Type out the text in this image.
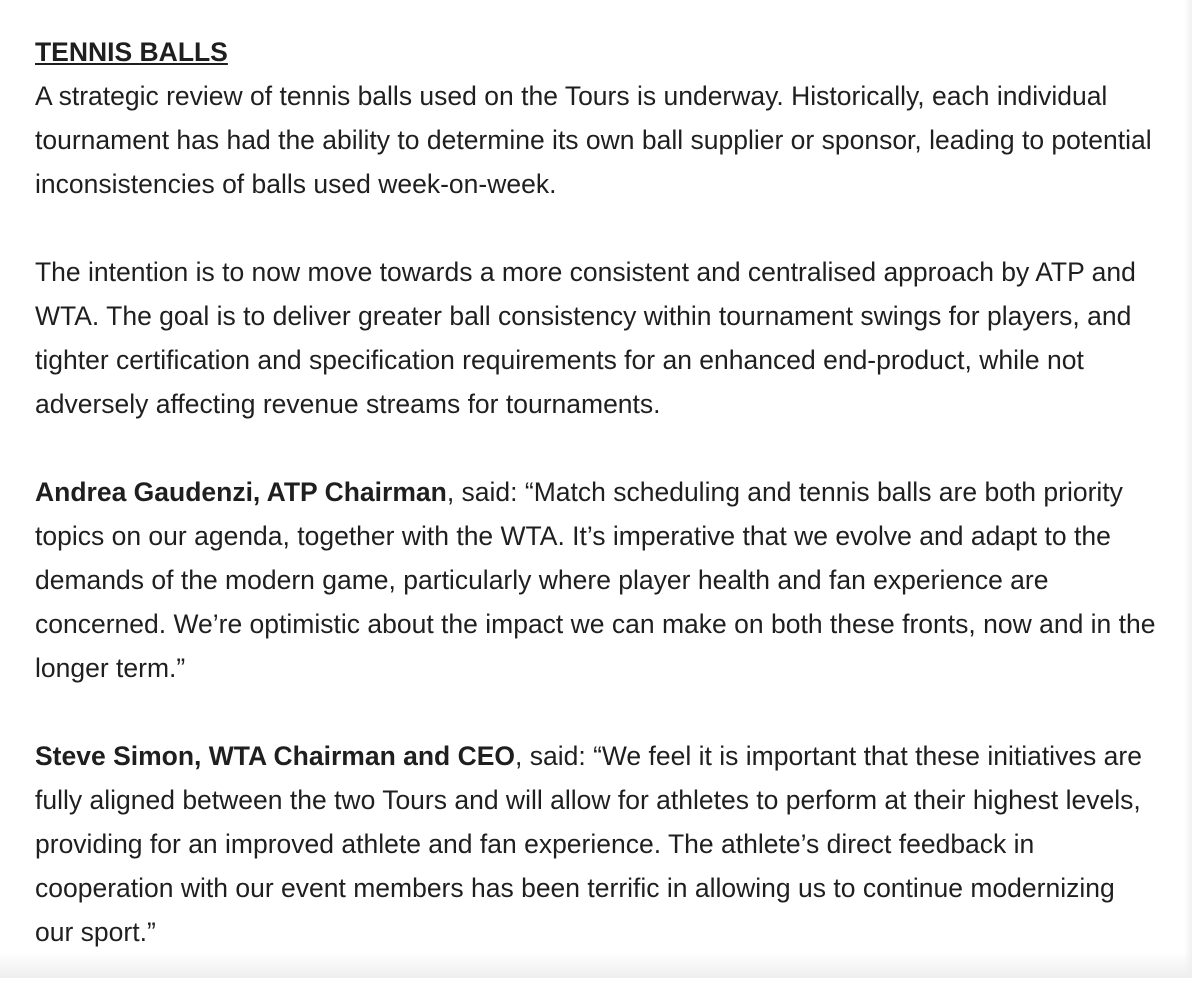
TENNIS BALLS

A strategic review of tennis balls used on the Tours is underway. Historically, each individual tournament has had the ability to determine its own ball supplier or sponsor, leading to potential inconsistencies of balls used week-on-week.

The intention is to now move towards a more consistent and centralised approach by ATP and WTA. The goal is to deliver greater ball consistency within tournament swings for players, and tighter certification and specification requirements for an enhanced end-product, while not adversely affecting revenue streams for tournaments.

Andrea Gaudenzi, ATP Chairman, said: “Match scheduling and tennis balls are both priority topics on our agenda, together with the WTA. It’s imperative that we evolve and adapt to the demands of the modern game, particularly where player health and fan experience are concerned. We’re optimistic about the impact we can make on both these fronts, now and in the longer term.”

Steve Simon, WTA Chairman and CEO, said: “We feel it is important that these initiatives are fully aligned between the two Tours and will allow for athletes to perform at their highest levels, providing for an improved athlete and fan experience. The athlete’s direct feedback in cooperation with our event members has been terrific in allowing us to continue modernizing our sport.”
